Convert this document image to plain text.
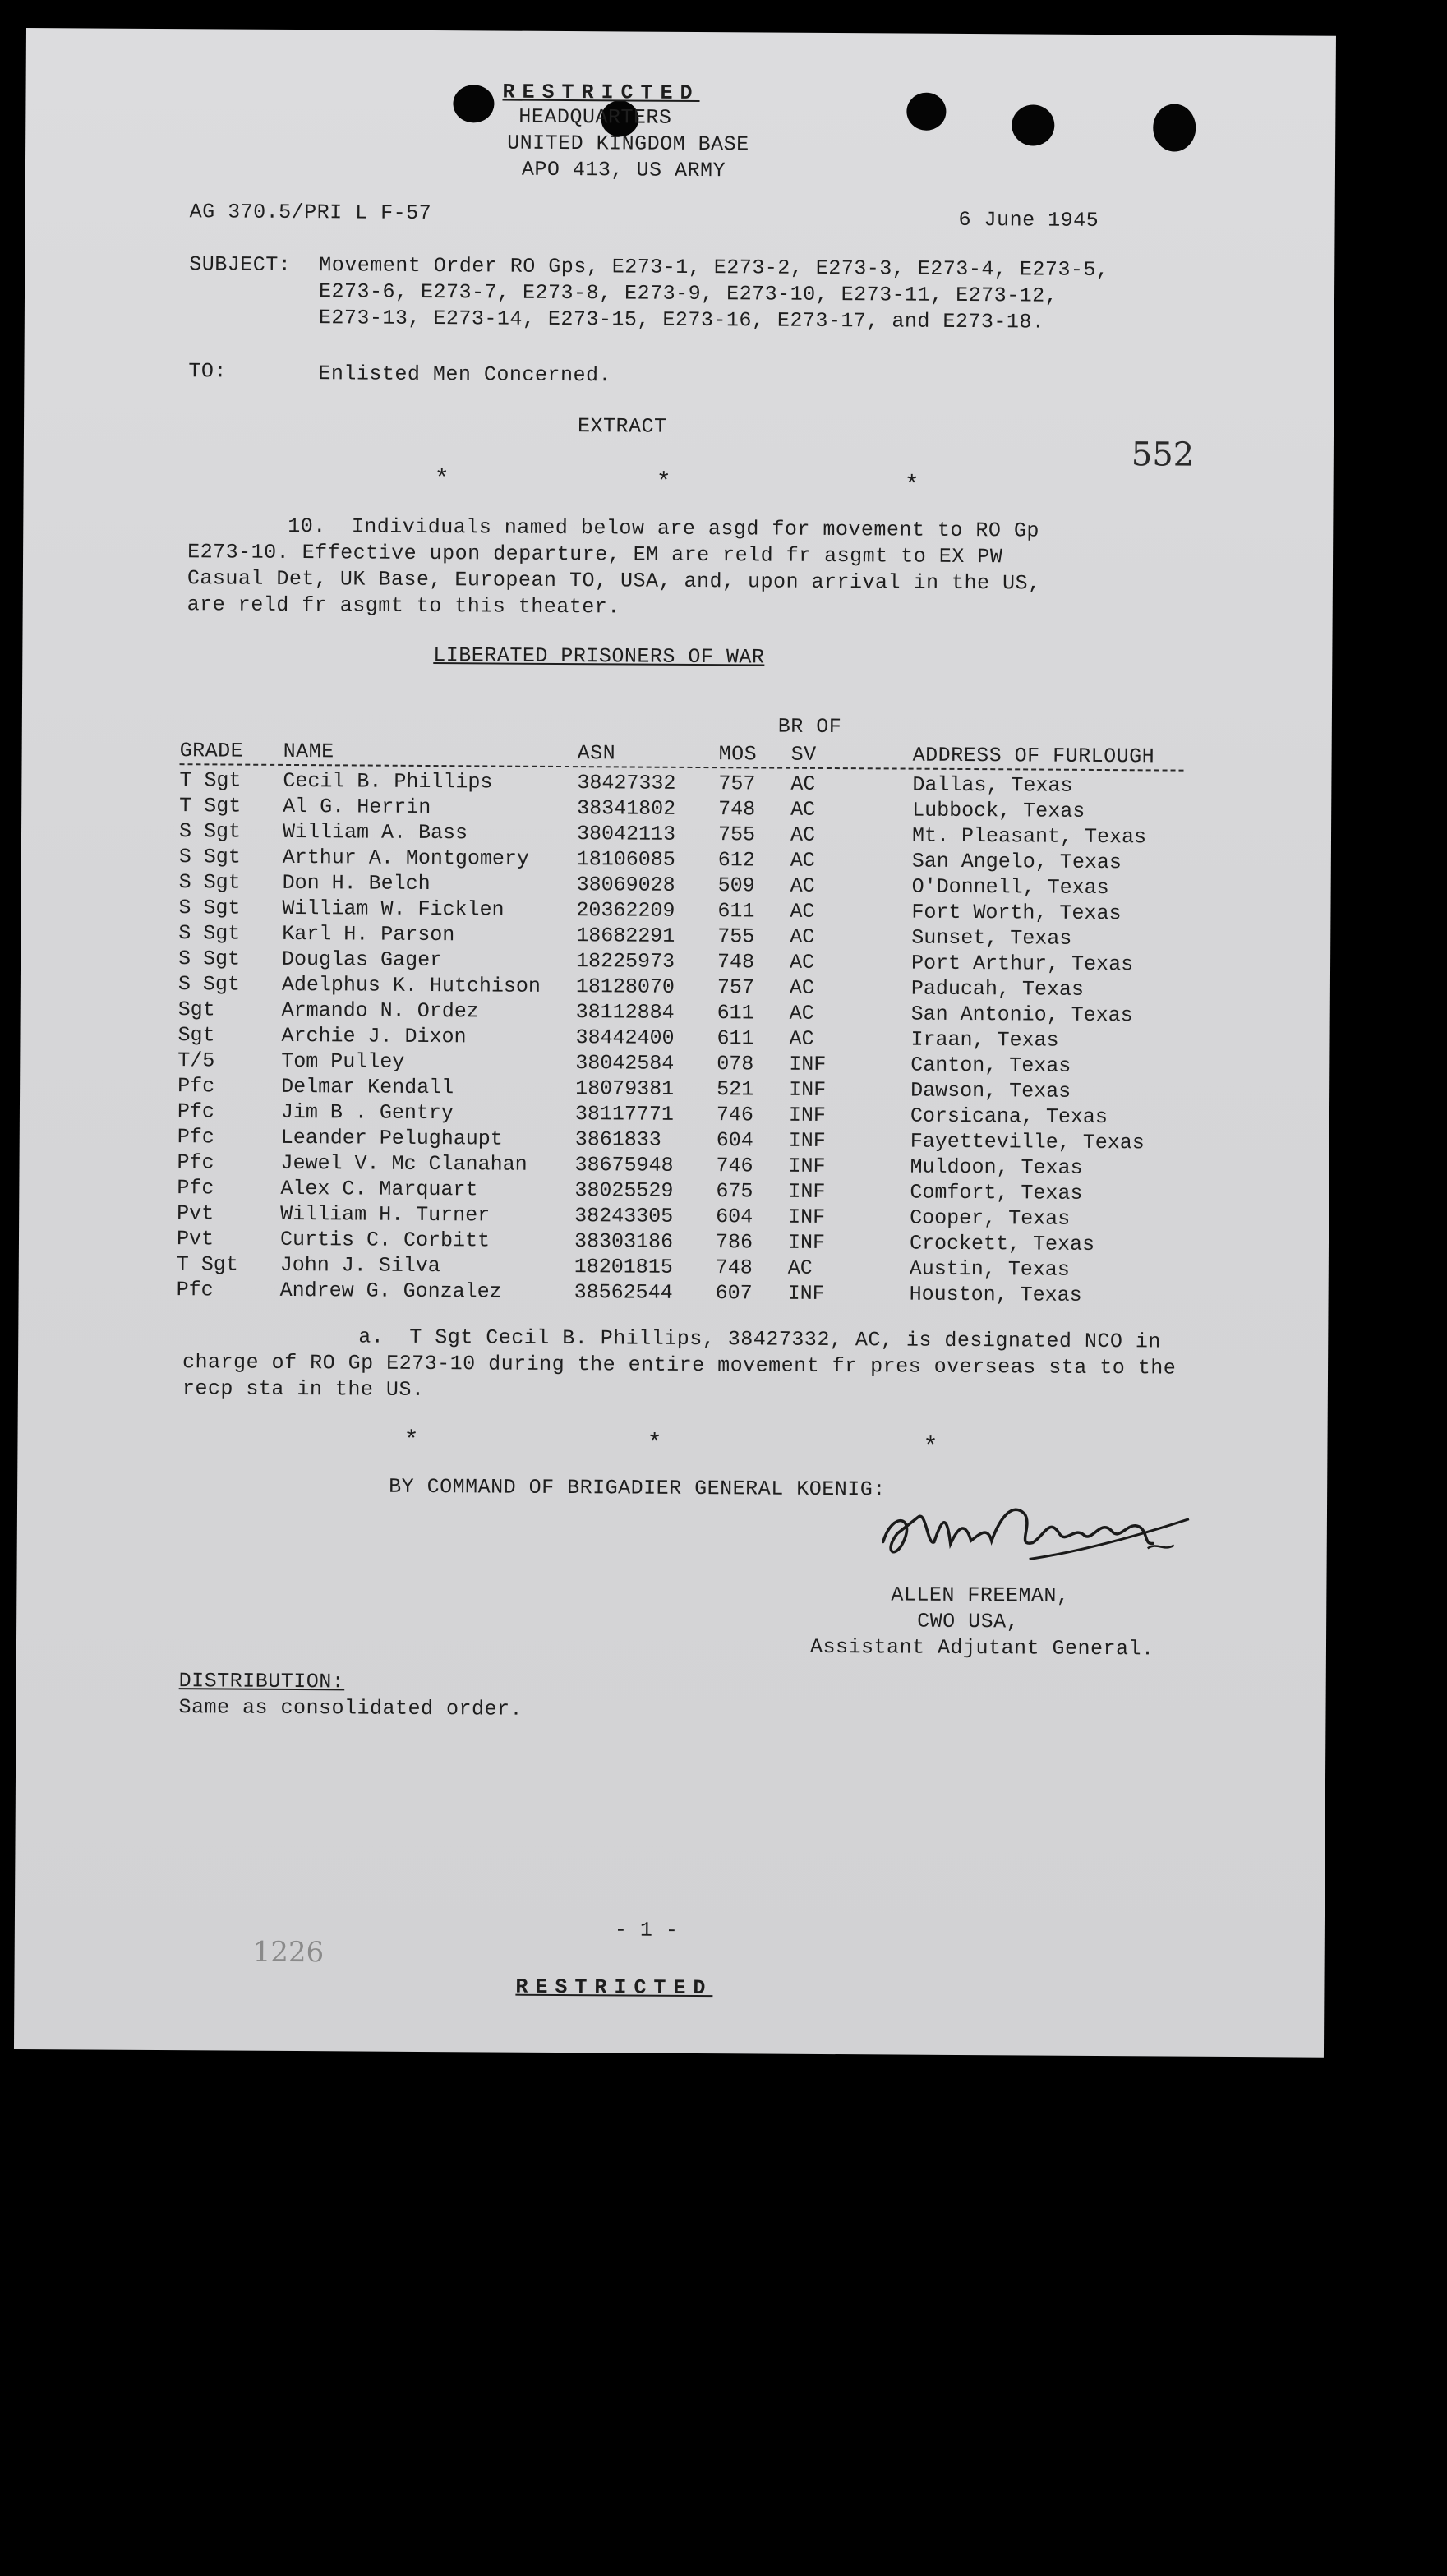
RESTRICTED
HEADQUARTERS
UNITED KINGDOM BASE
APO 413, US ARMY
AG 370.5/PRI L F-57	6 June 1945
SUBJECT: Movement Order RO Gps, E273-1, E273-2, E273-3, E273-4, E273-5,
E273-6, E273-7, E273-8, E273-9, E273-10, E273-11, E273-12,
E273-13, E273-14, E273-15, E273-16, E273-17, and E273-18.
TO:	Enlisted Men Concerned.
EXTRACT
552
*	*	*
10.  Individuals named below are asgd for movement to RO Gp
E273-10. Effective upon departure, EM are reld fr asgmt to EX PW
Casual Det, UK Base, European TO, USA, and, upon arrival in the US,
are reld fr asgmt to this theater.
LIBERATED PRISONERS OF WAR
BR OF
GRADE NAME	ASN	MOS SV	ADDRESS OF FURLOUGH
T Sgt Cecil B. Phillips	38427332 757 AC	Dallas, Texas
T Sgt Al G. Herrin	38341802 748 AC	Lubbock, Texas
S Sgt William A. Bass	38042113 755 AC	Mt. Pleasant, Texas
S Sgt Arthur A. Montgomery 18106085 612 AC	San Angelo, Texas
S Sgt Don H. Belch	38069028 509 AC	O'Donnell, Texas
S Sgt William W. Ficklen	20362209 611 AC	Fort Worth, Texas
S Sgt Karl H. Parson	18682291 755 AC	Sunset, Texas
S Sgt Douglas Gager	18225973 748 AC	Port Arthur, Texas
S Sgt Adelphus K. Hutchison 18128070 757 AC	Paducah, Texas
Sgt	Armando N. Ordez	38112884 611 AC	San Antonio, Texas
Sgt	Archie J. Dixon	38442400 611 AC	Iraan, Texas
T/5	Tom Pulley	38042584 078 INF	Canton, Texas
Pfc	Delmar Kendall	18079381 521 INF	Dawson, Texas
Pfc	Jim B . Gentry	38117771 746 INF	Corsicana, Texas
Pfc	Leander Pelughaupt	3861833	604 INF	Fayetteville, Texas
Pfc	Jewel V. Mc Clanahan 38675948 746 INF	Muldoon, Texas
Pfc	Alex C. Marquart	38025529 675 INF	Comfort, Texas
Pvt	William H. Turner	38243305 604 INF	Cooper, Texas
Pvt	Curtis C. Corbitt	38303186 786 INF	Crockett, Texas
T Sgt John J. Silva	18201815 748 AC	Austin, Texas
Pfc	Andrew G. Gonzalez	38562544 607 INF	Houston, Texas
a.  T Sgt Cecil B. Phillips, 38427332, AC, is designated NCO in
charge of RO Gp E273-10 during the entire movement fr pres overseas sta to the
recp sta in the US.
*	*	*
BY COMMAND OF BRIGADIER GENERAL KOENIG:
ALLEN FREEMAN,
CWO USA,
Assistant Adjutant General.
DISTRIBUTION:
Same as consolidated order.
- 1 -
1226
RESTRICTED
